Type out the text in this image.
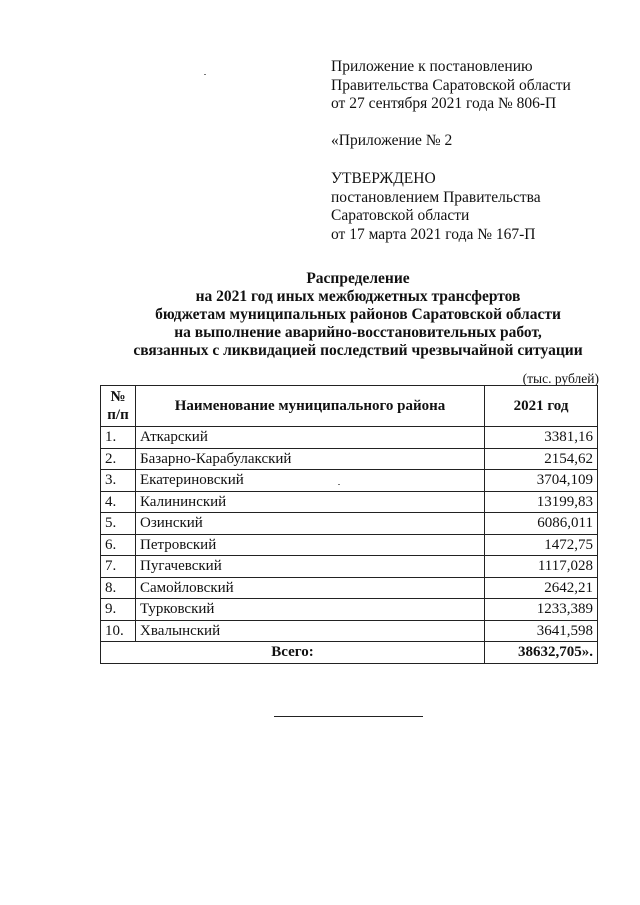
Приложение к постановлению
Правительства Саратовской области
от 27 сентября 2021 года № 806-П
«Приложение № 2
УТВЕРЖДЕНО
постановлением Правительства
Саратовской области
от 17 марта 2021 года № 167-П
Распределение
на 2021 год иных межбюджетных трансфертов
бюджетам муниципальных районов Саратовской области
на выполнение аварийно-восстановительных работ,
связанных с ликвидацией последствий чрезвычайной ситуации
(тыс. рублей)
№
п/п	Наименование муниципального района	2021 год
1.	Аткарский	3381,16
2.	Базарно-Карабулакский	2154,62
3.	Екатериновский	3704,109
4.	Калининский	13199,83
5.	Озинский	6086,011
6.	Петровский	1472,75
7.	Пугачевский	1117,028
8.	Самойловский	2642,21
9.	Турковский	1233,389
10.	Хвалынский	3641,598
Всего:		38632,705».
